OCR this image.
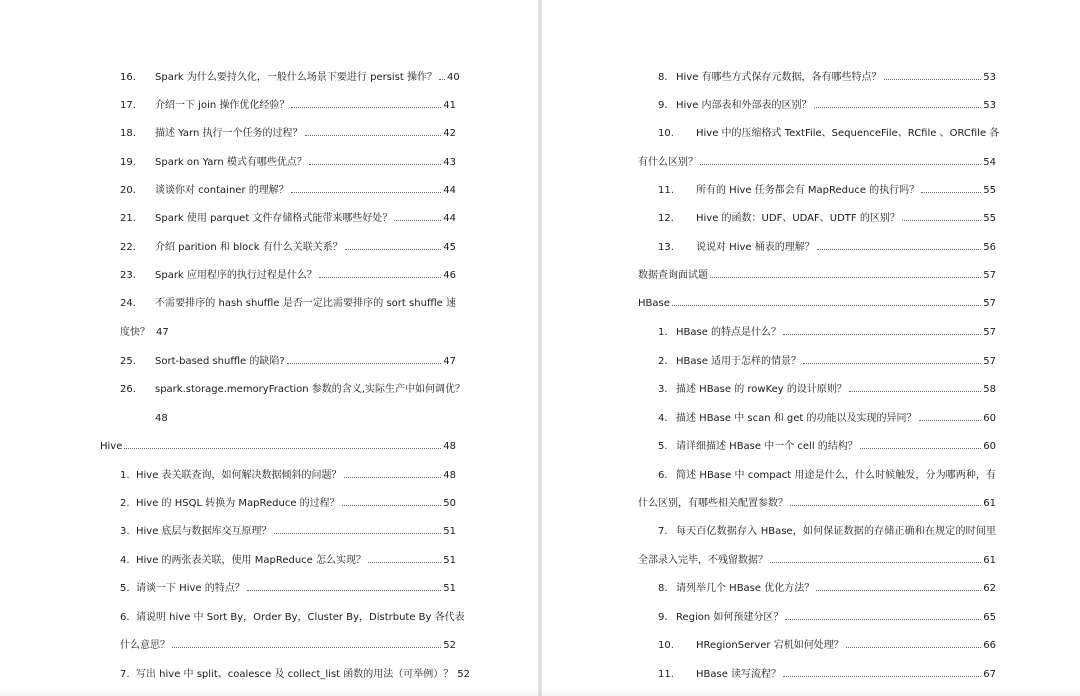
16. Spark 为什么要持久化，一般什么场景下要进行 persist 操作？ 40
17. 介绍一下 join 操作优化经验？	41
18. 描述 Yarn 执行一个任务的过程？	42
19. Spark on Yarn 模式有哪些优点？	43
20. 谈谈你对 container 的理解？	44
21. Spark 使用 parquet 文件存储格式能带来哪些好处？	44
22. 介绍 parition 和 block 有什么关联关系？	45
23. Spark 应用程序的执行过程是什么？	46
24. 不需要排序的 hash shuffle 是否一定比需要排序的 sort shuffle 速
度快？ 47
25. Sort-based shuffle 的缺陷?	47
26. spark.storage.memoryFraction 参数的含义,实际生产中如何调优？
48
Hive	48
1. Hive 表关联查询，如何解决数据倾斜的问题？	48
2. Hive 的 HSQL 转换为 MapReduce 的过程？	50
3. Hive 底层与数据库交互原理？	51
4. Hive 的两张表关联，使用 MapReduce 怎么实现？	51
5. 请谈一下 Hive 的特点？	51
6. 请说明 hive 中 Sort By，Order By，Cluster By，Distrbute By 各代表
什么意思？	52
7. 写出 hive 中 split、coalesce 及 collect_list 函数的用法（可举例）？ 52
8. Hive 有哪些方式保存元数据，各有哪些特点？	53
9. Hive 内部表和外部表的区别？	53
10. Hive 中的压缩格式 TextFile、SequenceFile、RCfile 、ORCfile 各
有什么区别？	54
11. 所有的 Hive 任务都会有 MapReduce 的执行吗？	55
12. Hive 的函数：UDF、UDAF、UDTF 的区别？	55
13. 说说对 Hive 桶表的理解？	56
数据查询面试题	57
HBase	57
1. HBase 的特点是什么？	57
2. HBase 适用于怎样的情景？	57
3. 描述 HBase 的 rowKey 的设计原则？	58
4. 描述 HBase 中 scan 和 get 的功能以及实现的异同？	60
5. 请详细描述 HBase 中一个 cell 的结构？	60
6. 简述 HBase 中 compact 用途是什么，什么时候触发，分为哪两种，有
什么区别，有哪些相关配置参数？	61
7. 每天百亿数据存入 HBase，如何保证数据的存储正确和在规定的时间里
全部录入完毕，不残留数据？	61
8. 请列举几个 HBase 优化方法？	62
9. Region 如何预建分区？	65
10. HRegionServer 宕机如何处理？	66
11. HBase 读写流程？	67
